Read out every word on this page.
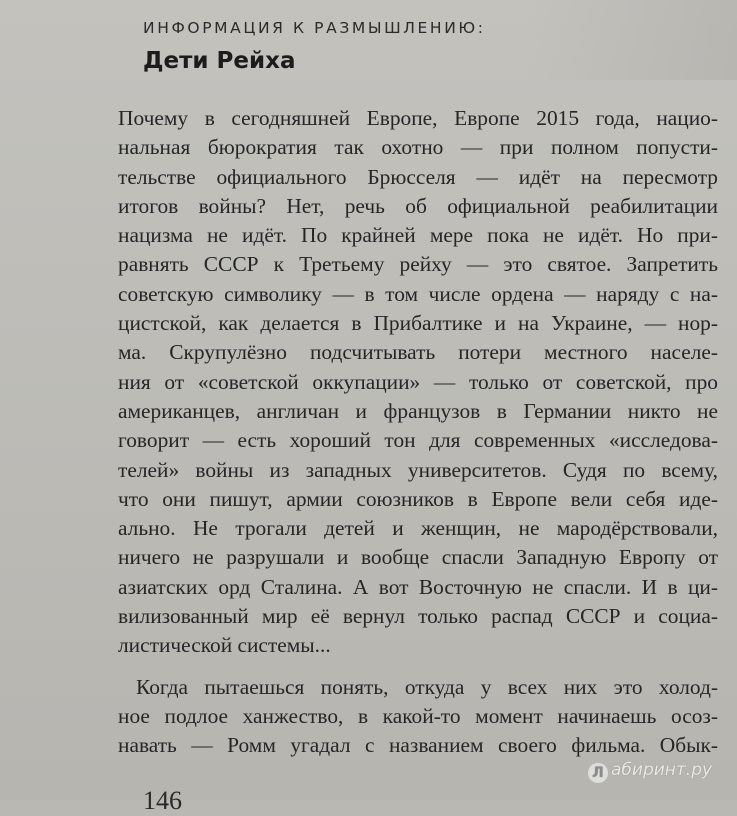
ИНФОРМАЦИЯ К РАЗМЫШЛЕНИЮ:
Дети Рейха
Почему в сегодняшней Европе, Европе 2015 года, нацио-
нальная бюрократия так охотно — при полном попусти-
тельстве официального Брюсселя — идёт на пересмотр
итогов войны? Нет, речь об официальной реабилитации
нацизма не идёт. По крайней мере пока не идёт. Но при-
равнять СССР к Третьему рейху — это святое. Запретить
советскую символику — в том числе ордена — наряду с на-
цистской, как делается в Прибалтике и на Украине, — нор-
ма. Скрупулёзно подсчитывать потери местного населе-
ния от «советской оккупации» — только от советской, про
американцев, англичан и французов в Германии никто не
говорит — есть хороший тон для современных «исследова-
телей» войны из западных университетов. Судя по всему,
что они пишут, армии союзников в Европе вели себя иде-
ально. Не трогали детей и женщин, не мародёрствовали,
ничего не разрушали и вообще спасли Западную Европу от
азиатских орд Сталина. А вот Восточную не спасли. И в ци-
вилизованный мир её вернул только распад СССР и социа-
листической системы...
Когда пытаешься понять, откуда у всех них это холод-
ное подлое ханжество, в какой-то момент начинаешь осоз-
навать — Ромм угадал с названием своего фильма. Обык-
Л абиринт.ру
146
